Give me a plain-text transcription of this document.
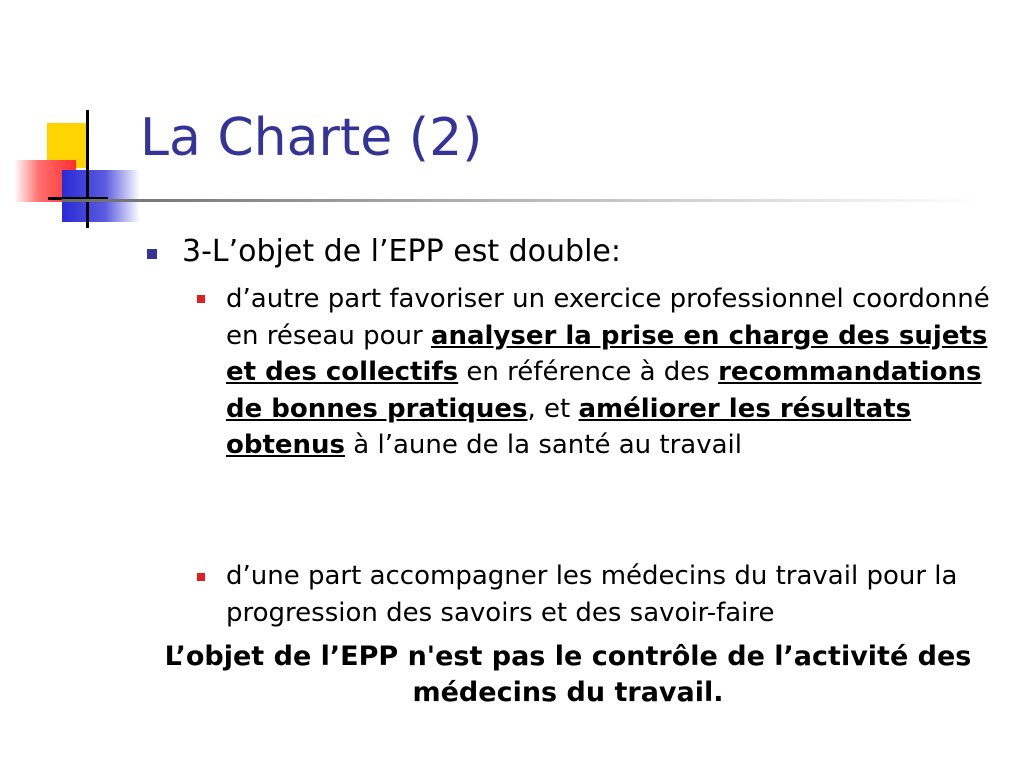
La Charte (2)
3-L’objet de l’EPP est double:
d’autre part favoriser un exercice professionnel coordonné en réseau pour analyser la prise en charge des sujets et des collectifs en référence à des recommandations de bonnes pratiques, et améliorer les résultats obtenus à l’aune de la santé au travail
d’une part accompagner les médecins du travail pour la progression des savoirs et des savoir-faire
L’objet de l’EPP n'est pas le contrôle de l’activité des médecins du travail.
